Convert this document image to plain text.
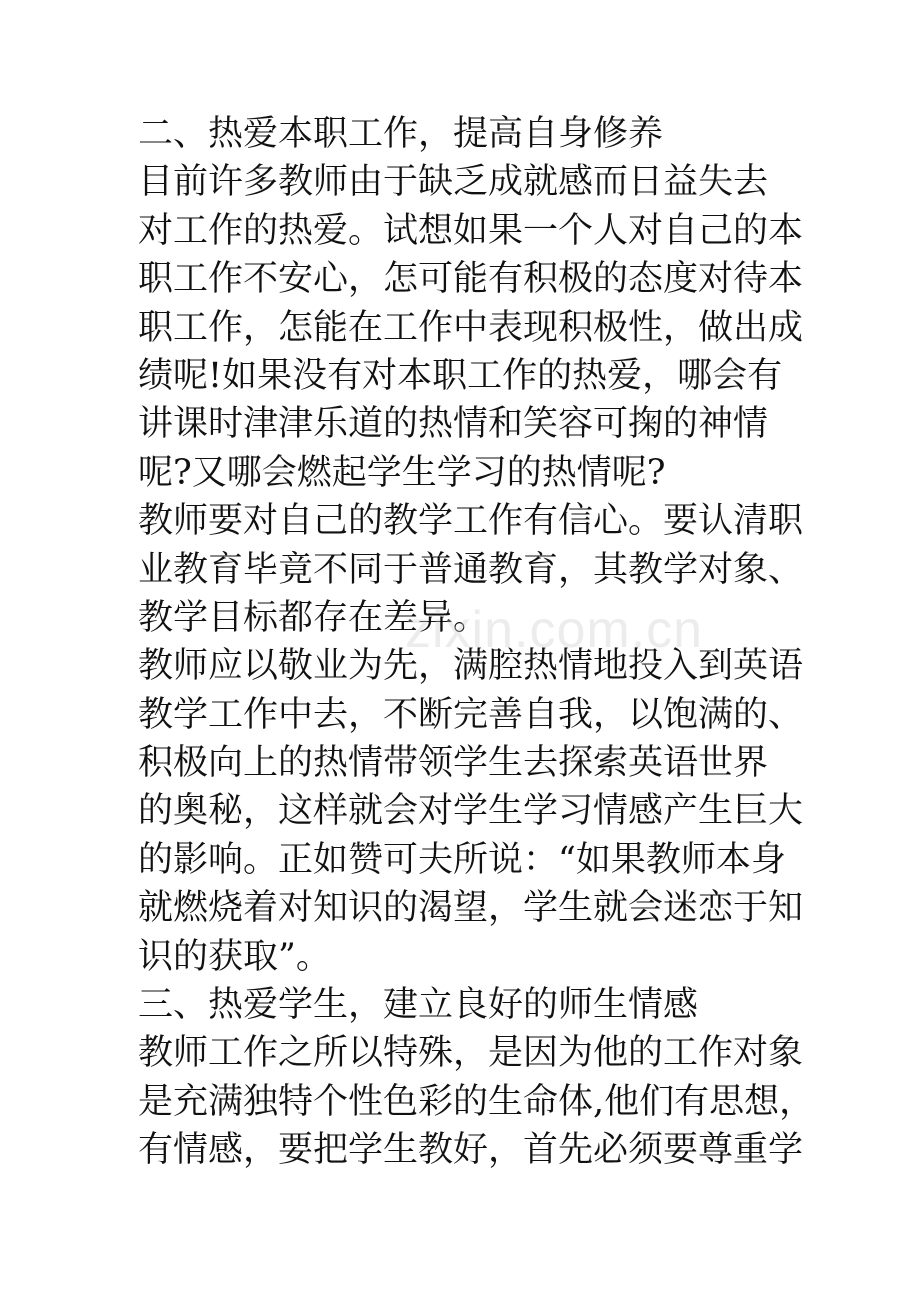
二、热爱本职工作，提高自身修养
目前许多教师由于缺乏成就感而日益失去
对工作的热爱。试想如果一个人对自己的本
职工作不安心，怎可能有积极的态度对待本
职工作，怎能在工作中表现积极性，做出成
绩呢!如果没有对本职工作的热爱，哪会有
讲课时津津乐道的热情和笑容可掬的神情
呢?又哪会燃起学生学习的热情呢?
教师要对自己的教学工作有信心。要认清职
业教育毕竟不同于普通教育，其教学对象、
教学目标都存在差异。
教师应以敬业为先，满腔热情地投入到英语
教学工作中去，不断完善自我，以饱满的、
积极向上的热情带领学生去探索英语世界
的奥秘，这样就会对学生学习情感产生巨大
的影响。正如赞可夫所说：“如果教师本身
就燃烧着对知识的渴望，学生就会迷恋于知
识的获取”。
三、热爱学生，建立良好的师生情感
教师工作之所以特殊，是因为他的工作对象
是充满独特个性色彩的生命体,他们有思想，
有情感，要把学生教好，首先必须要尊重学
zixin.com.cn
